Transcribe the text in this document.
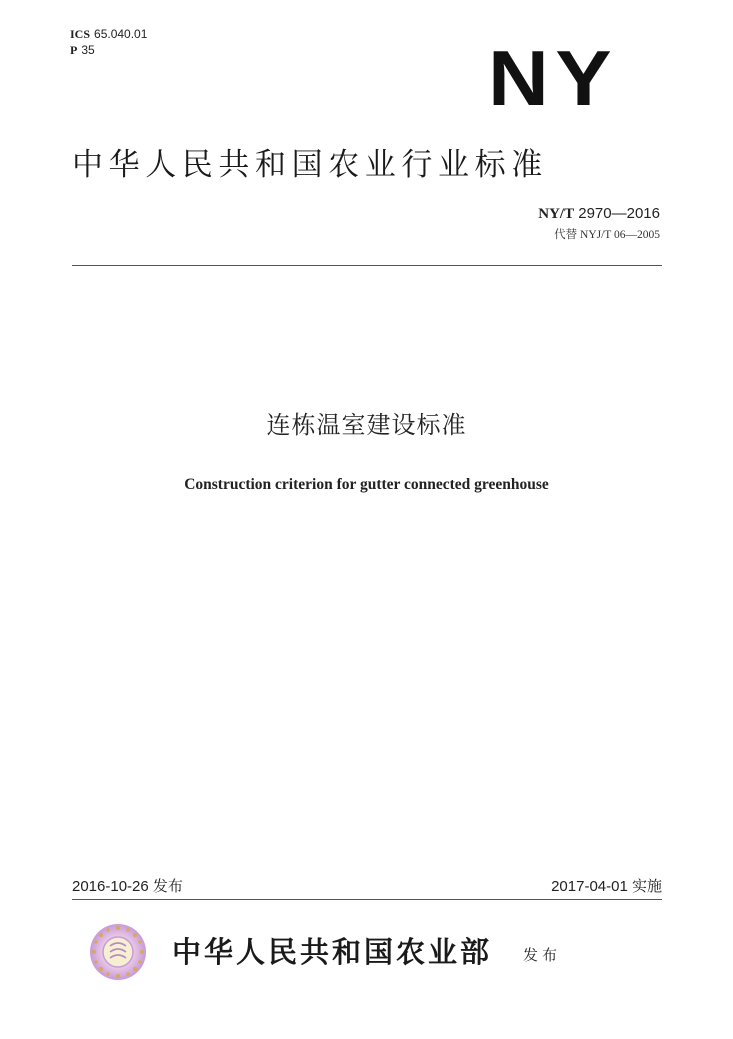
ICS 65.040.01
P 35	NY
中华人民共和国农业行业标准
NY/T 2970—2016
代替 NYJ/T 06—2005
连栋温室建设标准
Construction criterion for gutter connected greenhouse
2016-10-26 发布	2017-04-01 实施
中华人民共和国农业部 发布
